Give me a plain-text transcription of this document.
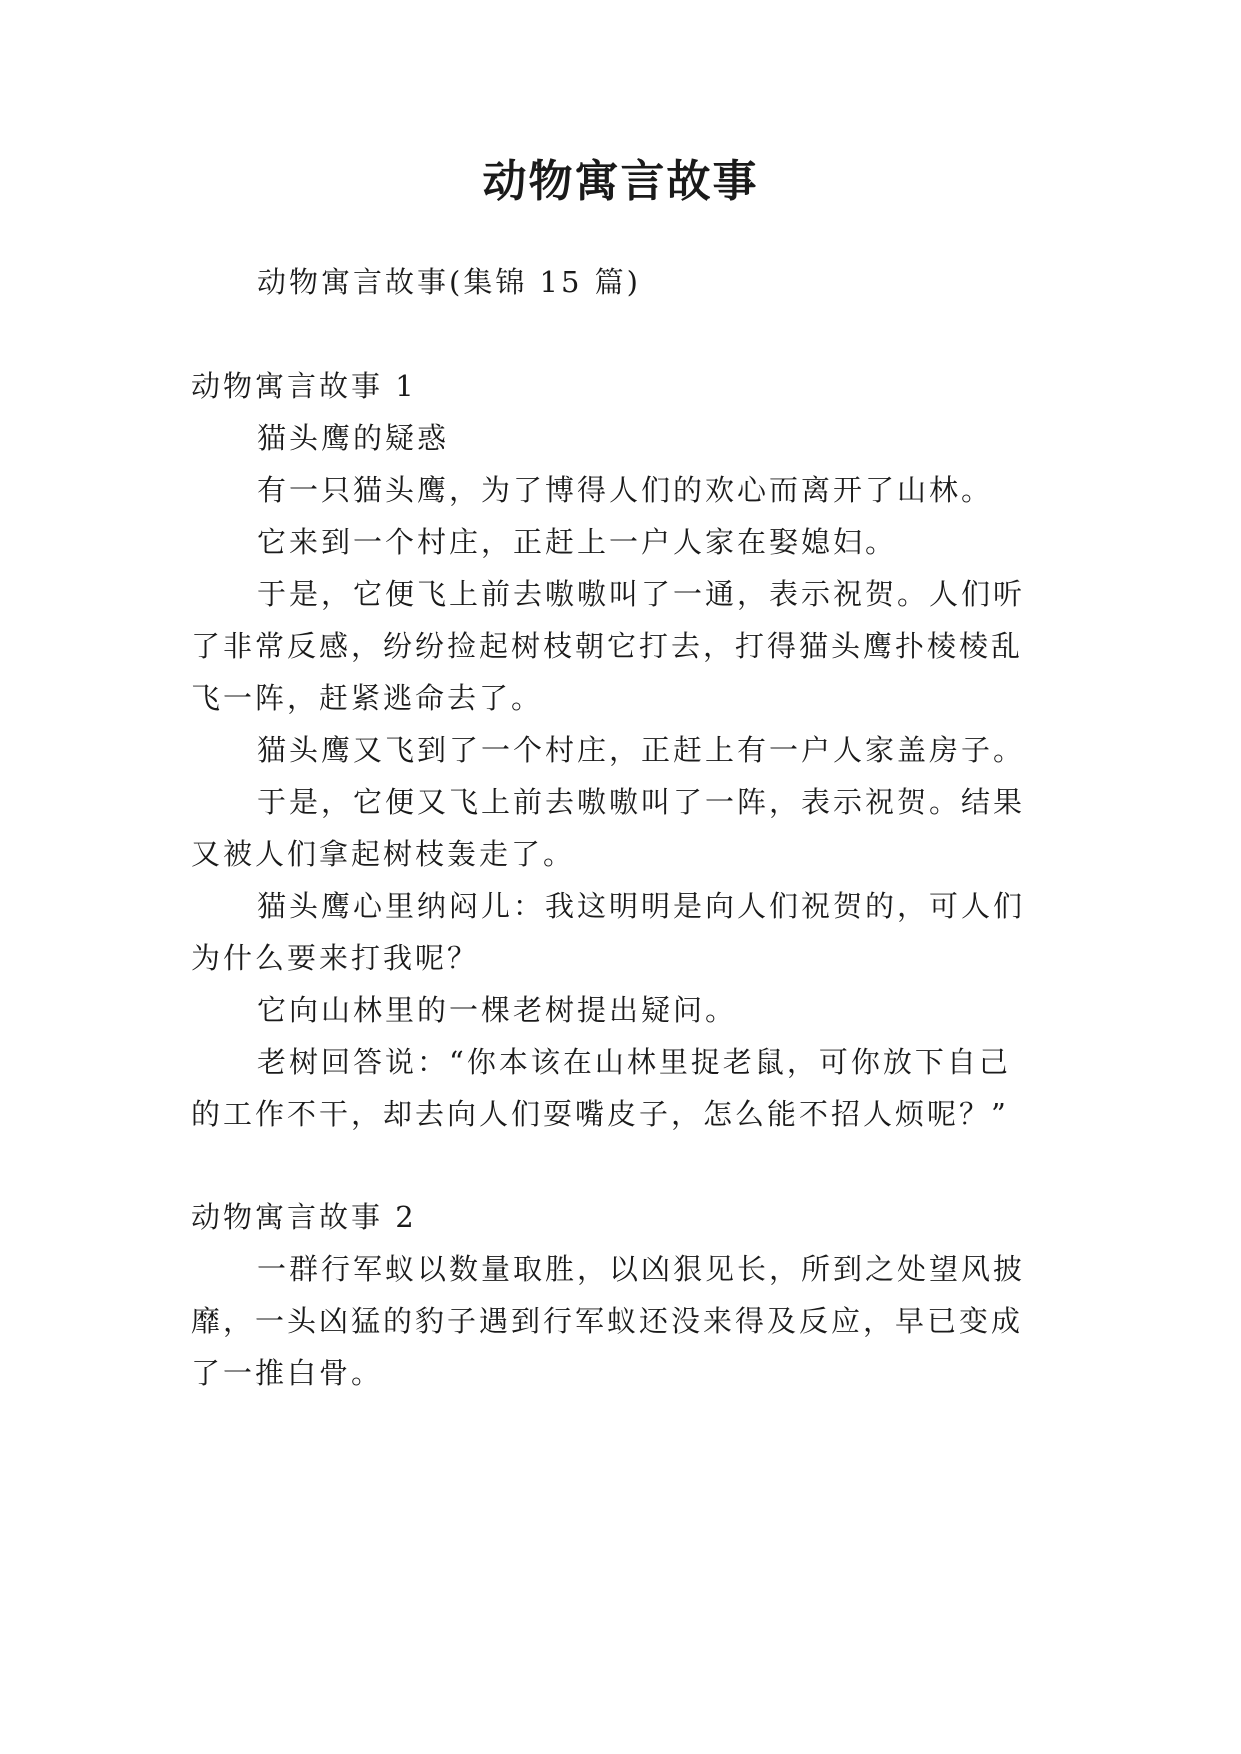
动物寓言故事

动物寓言故事(集锦 15 篇)

动物寓言故事 1

猫头鹰的疑惑

有一只猫头鹰，为了博得人们的欢心而离开了山林。

它来到一个村庄，正赶上一户人家在娶媳妇。

于是，它便飞上前去嗷嗷叫了一通，表示祝贺。人们听

了非常反感，纷纷捡起树枝朝它打去，打得猫头鹰扑棱棱乱

飞一阵，赶紧逃命去了。

猫头鹰又飞到了一个村庄，正赶上有一户人家盖房子。

于是，它便又飞上前去嗷嗷叫了一阵，表示祝贺。结果

又被人们拿起树枝轰走了。

猫头鹰心里纳闷儿：我这明明是向人们祝贺的，可人们

为什么要来打我呢？

它向山林里的一棵老树提出疑问。

老树回答说：“你本该在山林里捉老鼠，可你放下自己

的工作不干，却去向人们耍嘴皮子，怎么能不招人烦呢？”

动物寓言故事 2

一群行军蚁以数量取胜，以凶狠见长，所到之处望风披

靡，一头凶猛的豹子遇到行军蚁还没来得及反应，早已变成

了一推白骨。
